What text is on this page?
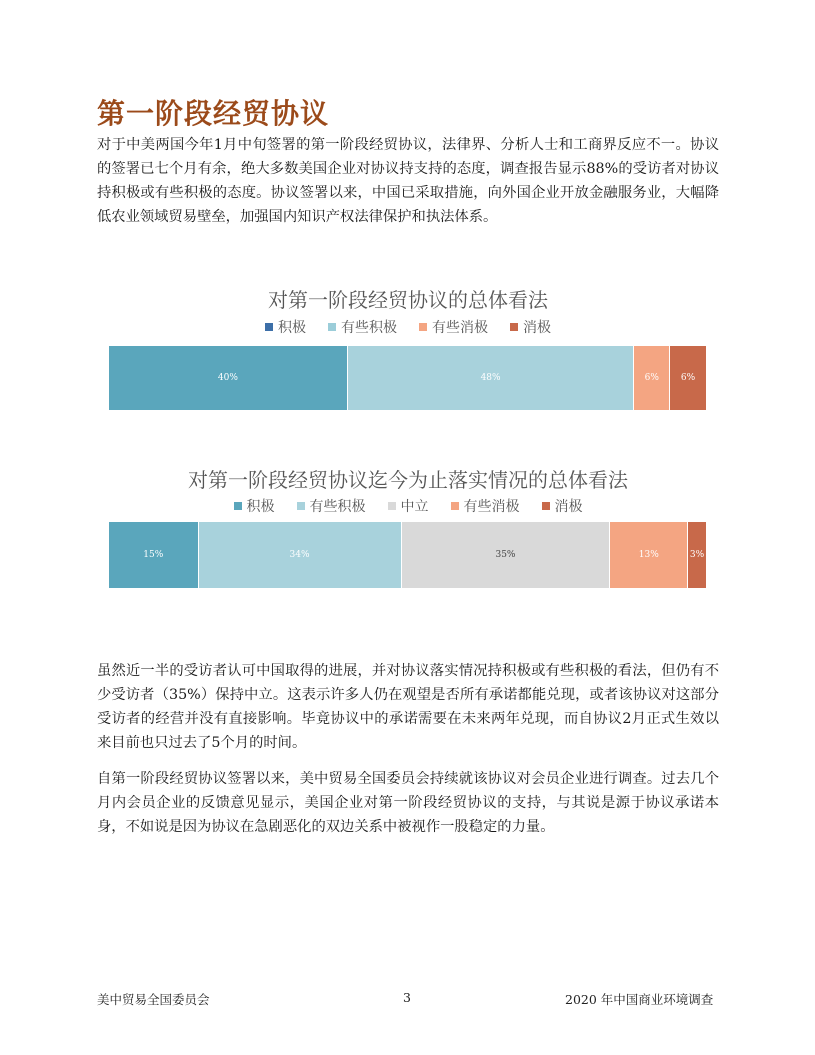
第一阶段经贸协议

对于中美两国今年1月中旬签署的第一阶段经贸协议，法律界、分析人士和工商界反应不一。协议的签署已七个月有余，绝大多数美国企业对协议持支持的态度，调查报告显示88%的受访者对协议持积极或有些积极的态度。协议签署以来，中国已采取措施，向外国企业开放金融服务业，大幅降低农业领域贸易壁垒，加强国内知识产权法律保护和执法体系。

对第一阶段经贸协议的总体看法
积极	有些积极	有些消极	消极
40%	48%	6% 6%
对第一阶段经贸协议迄今为止落实情况的总体看法
积极	有些积极	中立	有些消极	消极
15%	34%	35%	13%	3%

虽然近一半的受访者认可中国取得的进展，并对协议落实情况持积极或有些积极的看法，但仍有不少受访者（35%）保持中立。这表示许多人仍在观望是否所有承诺都能兑现，或者该协议对这部分受访者的经营并没有直接影响。毕竟协议中的承诺需要在未来两年兑现，而自协议2月正式生效以来目前也只过去了5个月的时间。

自第一阶段经贸协议签署以来，美中贸易全国委员会持续就该协议对会员企业进行调查。过去几个月内会员企业的反馈意见显示，美国企业对第一阶段经贸协议的支持，与其说是源于协议承诺本身，不如说是因为协议在急剧恶化的双边关系中被视作一股稳定的力量。

美中贸易全国委员会	3	2020 年中国商业环境调查
